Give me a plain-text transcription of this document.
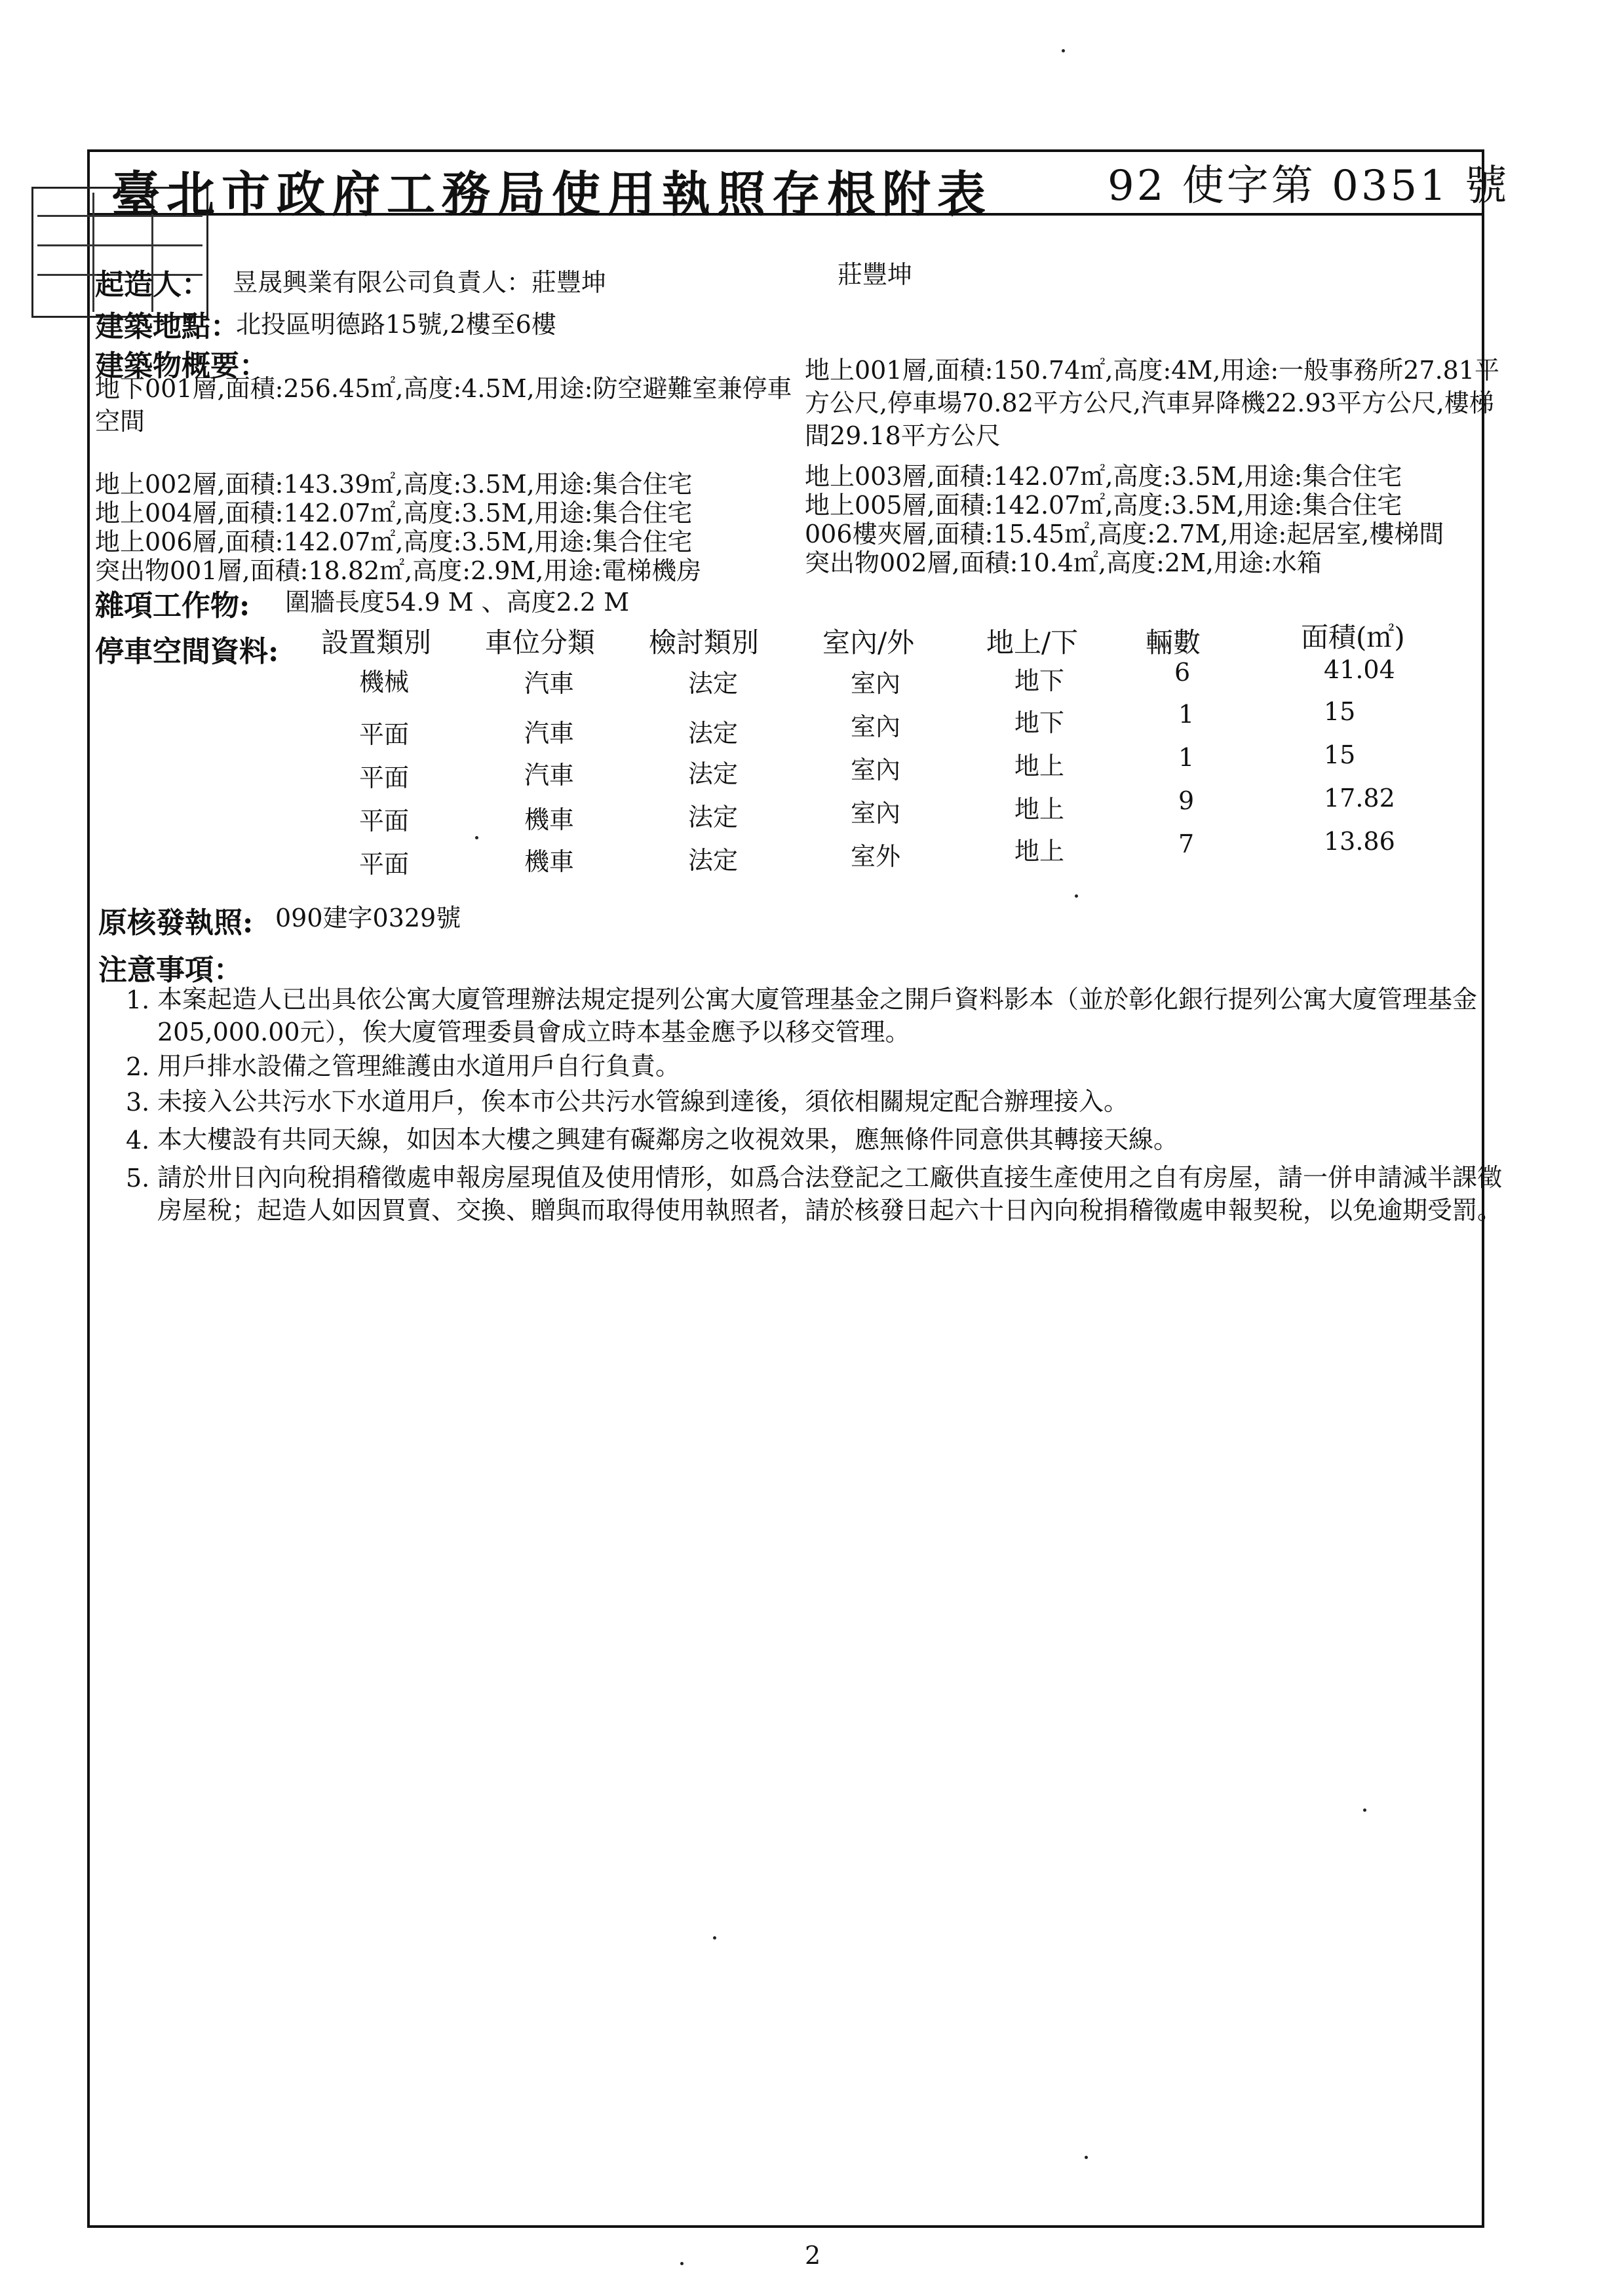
臺北市政府工務局使用執照存根附表	92 使字第 0351 號
起造人： 昱晟興業有限公司負責人：莊豐坤	莊豐坤
建築地點：
北投區明德路15號,2樓至6樓
建築物概要：
地下001層,面積:256.45㎡,高度:4.5M,用途:防空避難室兼停車空間
地上002層,面積:143.39㎡,高度:3.5M,用途:集合住宅
地上004層,面積:142.07㎡,高度:3.5M,用途:集合住宅
地上006層,面積:142.07㎡,高度:3.5M,用途:集合住宅
突出物001層,面積:18.82㎡,高度:2.9M,用途:電梯機房
地上001層,面積:150.74㎡,高度:4M,用途:一般事務所27.81平方公尺,停車場70.82平方公尺,汽車昇降機22.93平方公尺,樓梯間29.18平方公尺
地上003層,面積:142.07㎡,高度:3.5M,用途:集合住宅
地上005層,面積:142.07㎡,高度:3.5M,用途:集合住宅
006樓夾層,面積:15.45㎡,高度:2.7M,用途:起居室,樓梯間
突出物002層,面積:10.4㎡,高度:2M,用途:水箱
雜項工作物: 圍牆長度54.9 M 、高度2.2 M
停車空間資料: 設置類別 車位分類 檢討類別 室內/外	地上/下 輛數	面積(㎡)
機械	汽車	法定	室內	地下	6	41.04
平面	汽車	法定	室內	地下	1	15
平面	汽車	法定	室內	地上	1	15
平面	機車	法定	室內	地上	9	17.82
平面	機車	法定	室外	地上	7	13.86
原核發執照: 090建字0329號
注意事項：
1. 本案起造人已出具依公寓大廈管理辦法規定提列公寓大廈管理基金之開戶資料影本（並於彰化銀行提列公寓大廈管理基金205,000.00元），俟大廈管理委員會成立時本基金應予以移交管理。
2. 用戶排水設備之管理維護由水道用戶自行負責。
3. 未接入公共污水下水道用戶，俟本市公共污水管線到達後，須依相關規定配合辦理接入。
4. 本大樓設有共同天線，如因本大樓之興建有礙鄰房之收視效果，應無條件同意供其轉接天線。
5. 請於卅日內向稅捐稽徵處申報房屋現值及使用情形，如爲合法登記之工廠供直接生產使用之自有房屋，請一併申請減半課徵房屋稅；起造人如因買賣、交換、贈與而取得使用執照者，請於核發日起六十日內向稅捐稽徵處申報契稅，以免逾期受罰。
2
